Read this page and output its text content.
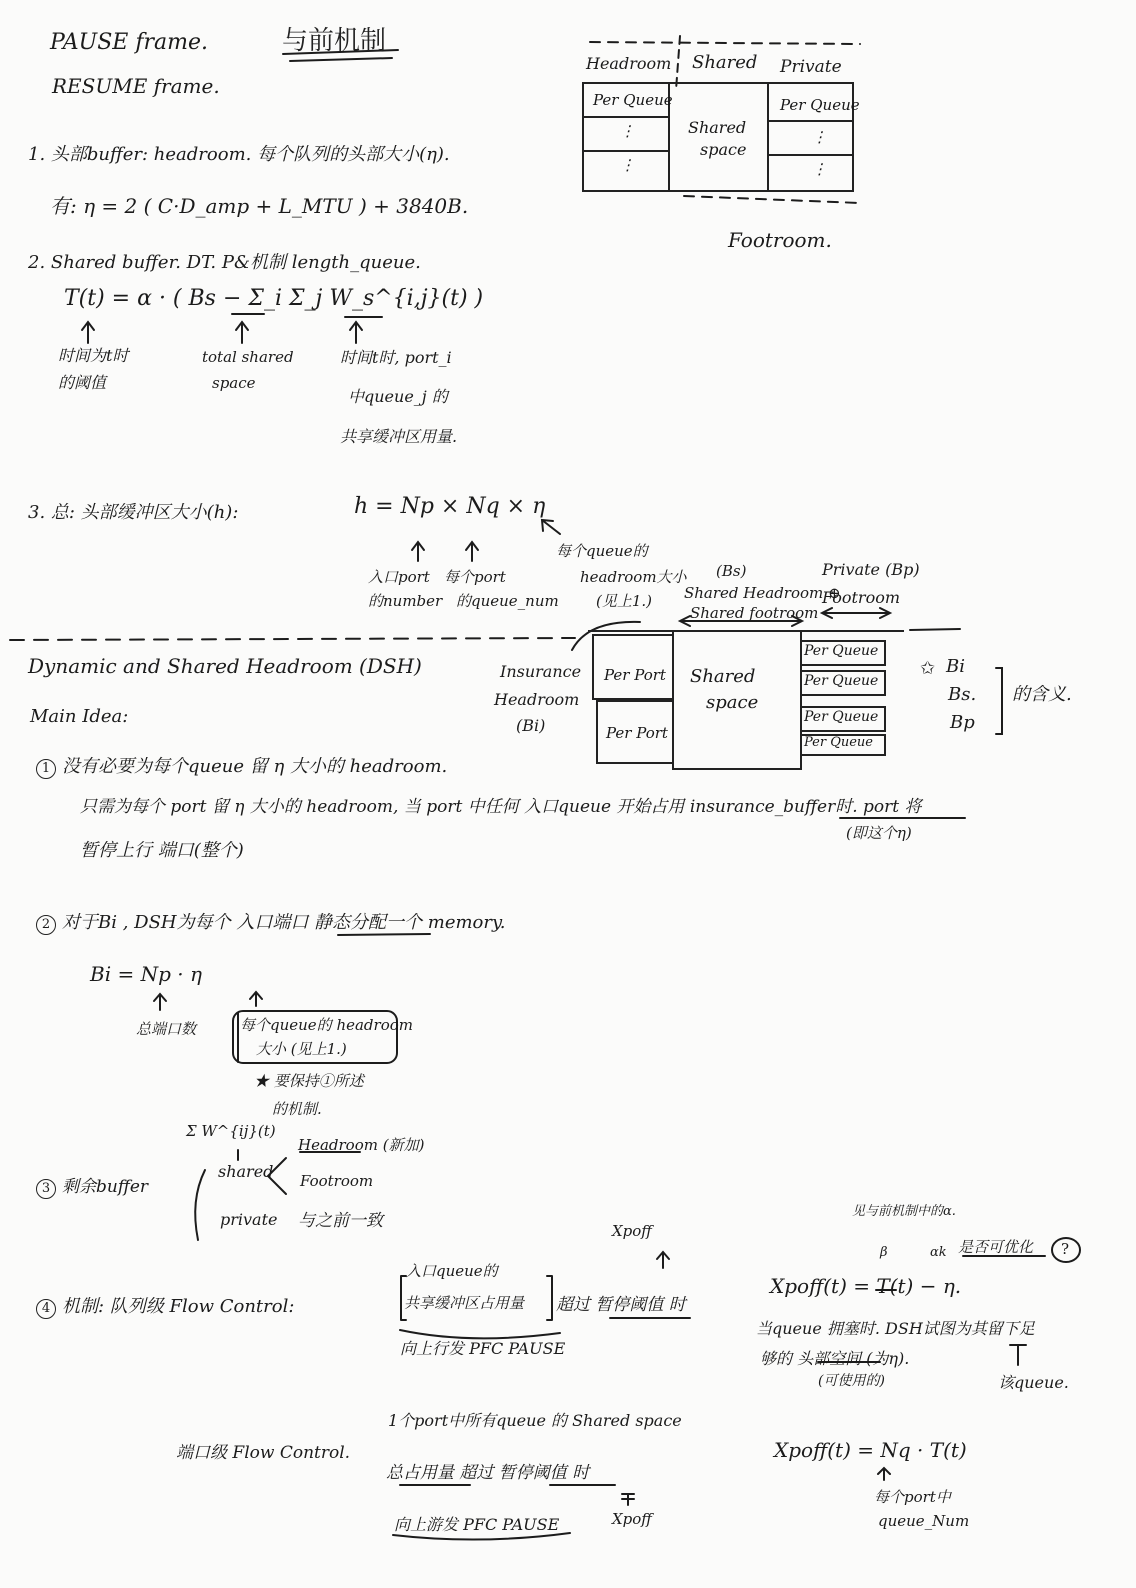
PAUSE frame.
RESUME frame.
与前机制
1. 头部buffer: headroom. 每个队列的头部大小(η).
有: η = 2 ( C·D_amp + L_MTU ) + 3840B.
2. Shared buffer. DT. P&机制 length_queue.
T(t) = α · ( Bs − Σ_i Σ_j W_s^{i,j}(t) )
时间为t时
的阈值
total shared
space
时间t时, port_i
中queue_j 的
共享缓冲区用量.
3. 总: 头部缓冲区大小(h):	h = Np × Nq × η
入口port
的number
每个port
的queue_num
每个queue的
headroom大小
(见上1.)
Headroom Shared Private
Per Queue
⋮
⋮
Shared
space
Per Queue
⋮
⋮
Footroom.
Dynamic and Shared Headroom (DSH)
Main Idea:
Insurance
Headroom
(Bi)
(Bs)
Shared Headroom ⊕
Shared footroom
Private (Bp)
Footroom
Per Port
Per Port
Shared
space
Per Queue
Per Queue
Per Queue
Per Queue
✩ Bi
Bs.
Bp
的含义.
1 没有必要为每个queue 留 η 大小的 headroom.
只需为每个 port 留 η 大小的 headroom, 当 port 中任何 入口queue 开始占用 insurance_buffer时. port 将
(即这个η)
暂停上行 端口(整个)
2 对于Bi , DSH为每个 入口端口 静态分配一个 memory.
Bi = Np · η
总端口数	每个queue的 headroom
大小 (见上1.)
★ 要保持①所述
的机制.
Σ W^{ij}(t)
3 剩余buffer
shared
Headroom (新加)
Footroom
private 与之前一致
4 机制: 队列级 Flow Control:
入口queue的
共享缓冲区占用量 超过 暂停阈值 时
Xpoff
向上行发 PFC PAUSE
见与前机制中的α.
β	αk 是否可优化 ?
Xpoff(t) = T(t) − η.
当queue 拥塞时. DSH试图为其留下足
够的 头部空间 (为η).
(可使用的)	该queue.
端口级 Flow Control.
1个port中所有queue 的 Shared space
总占用量 超过 暂停阈值 时
向上游发 PFC PAUSE	Xpoff
Xpoff(t) = Nq · T(t)
每个port中
queue_Num
